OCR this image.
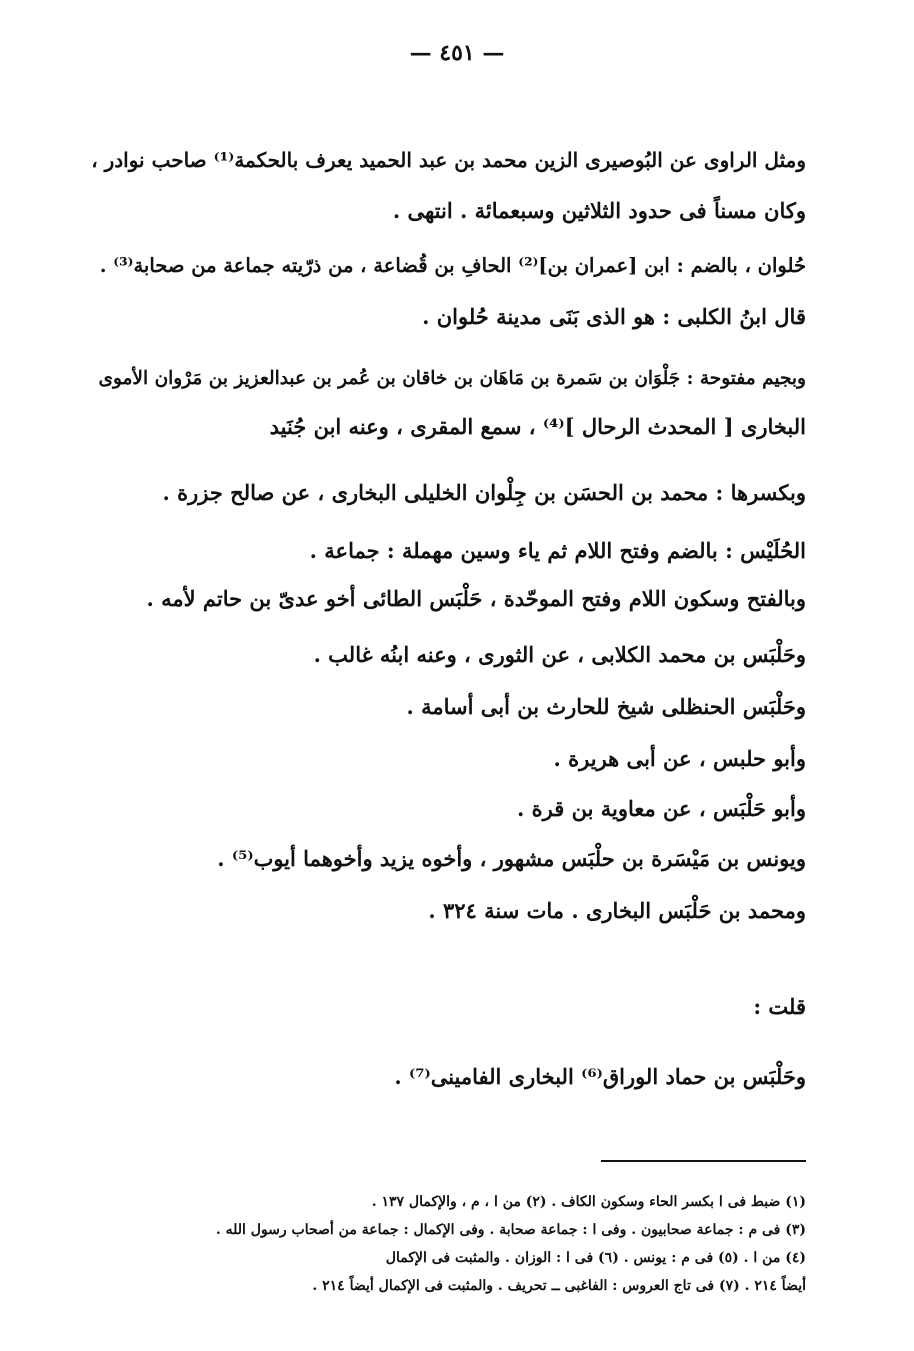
— ٤٥١ —
ومثل الراوى عن البُوصيرى الزين محمد بن عبد الحميد يعرف بالحكمة⁽¹⁾ صاحب نوادر ،
وكان مسناً فى حدود الثلاثين وسبعمائة . انتهى .
حُلوان ، بالضم : ابن [عمران بن]⁽²⁾ الحافِ بن قُضاعة ، من ذرّيته جماعة من صحابة⁽³⁾ .
قال ابنُ الكلبى : هو الذى بَنَى مدينة حُلوان .
وبجيم مفتوحة : جَلْوَان بن سَمرة بن مَاهَان بن خاقان بن عُمر بن عبدالعزيز بن مَرْوان الأموى
البخارى [ المحدث الرحال ]⁽⁴⁾ ، سمع المقرى ، وعنه ابن جُنَيد
وبكسرها : محمد بن الحسَن بن جِلْوان الخليلى البخارى ، عن صالح جزرة .
الحُلَيْس : بالضم وفتح اللام ثم ياء وسين مهملة : جماعة .
وبالفتح وسكون اللام وفتح الموحّدة ، حَلْبَس الطائى أخو عدىّ بن حاتم لأمه .
وحَلْبَس بن محمد الكلابى ، عن الثورى ، وعنه ابنُه غالب .
وحَلْبَس الحنظلى شيخ للحارث بن أبى أسامة .
وأبو حلبس ، عن أبى هريرة .
وأبو حَلْبَس ، عن معاوية بن قرة .
ويونس بن مَيْسَرة بن حلْبَس مشهور ، وأخوه يزيد وأخوهما أيوب⁽⁵⁾ .
ومحمد بن حَلْبَس البخارى . مات سنة ٣٢٤ .
قلت :
وحَلْبَس بن حماد الوراق⁽⁶⁾ البخارى الفامينى⁽⁷⁾ .
(١) ضبط فى ا بكسر الحاء وسكون الكاف . (٢) من ا ، م ، والإكمال ١٣٧ .
(٣) فى م : جماعة صحابيون . وفى ا : جماعة صحابة . وفى الإكمال : جماعة من أصحاب رسول الله .
(٤) من ا . (٥) فى م : يونس . (٦) فى ا : الوزان . والمثبت فى الإكمال
أيضاً ٢١٤ . (٧) فى تاج العروس : الفاغبى ــ تحريف . والمثبت فى الإكمال أيضاً ٢١٤ .
